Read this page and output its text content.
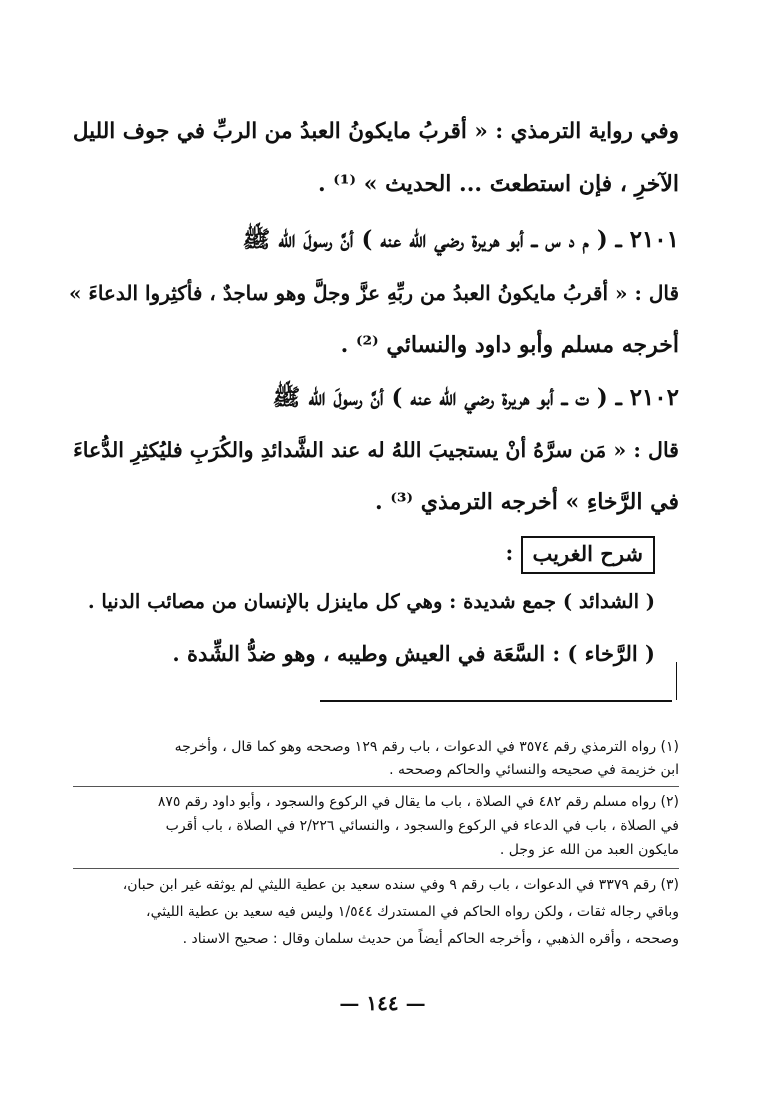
وفي رواية الترمذي : « أقربُ مايكونُ العبدُ من الربِّ في جوف الليل
الآخرِ ، فإن استطعتَ ... الحديث » ⁽¹⁾ .
٢١٠١ ــ ( م د س ــ أبو هريرة رضي الله عنه ) أنَّ رسولَ الله ﷺ
قال : « أقربُ مايكونُ العبدُ من ربِّهِ عزَّ وجلَّ وهو ساجدٌ ، فأكثِروا الدعاءَ »
أخرجه مسلم وأبو داود والنسائي ⁽²⁾ .
٢١٠٢ ــ ( ت ــ أبو هريرة رضي الله عنه ) أنَّ رسولَ الله ﷺ
قال : « مَن سرَّهُ أنْ يستجيبَ اللهُ له عند الشَّدائدِ والكُرَبِ فليُكثِرِ الدُّعاءَ
في الرَّخاءِ » أخرجه الترمذي ⁽³⁾ .
شرح الغريب :
( الشدائد ) جمع شديدة : وهي كل ماينزل بالإنسان من مصائب الدنيا .
( الرَّخاء ) : السَّعَة في العيش وطيبه ، وهو ضدُّ الشِّدة .
(١) رواه الترمذي رقم ٣٥٧٤ في الدعوات ، باب رقم ١٢٩ وصححه وهو كما قال ، وأخرجه
ابن خزيمة في صحيحه والنسائي والحاكم وصححه .
(٢) رواه مسلم رقم ٤٨٢ في الصلاة ، باب ما يقال في الركوع والسجود ، وأبو داود رقم ٨٧٥
في الصلاة ، باب في الدعاء في الركوع والسجود ، والنسائي ٢/٢٢٦ في الصلاة ، باب أقرب
مايكون العبد من الله عز وجل .
(٣) رقم ٣٣٧٩ في الدعوات ، باب رقم ٩ وفي سنده سعيد بن عطية الليثي لم يوثقه غير ابن حبان،
وباقي رجاله ثقات ، ولكن رواه الحاكم في المستدرك ١/٥٤٤ وليس فيه سعيد بن عطية الليثي،
وصححه ، وأقره الذهبي ، وأخرجه الحاكم أيضاً من حديث سلمان وقال : صحيح الاسناد .
— ١٤٤ —
